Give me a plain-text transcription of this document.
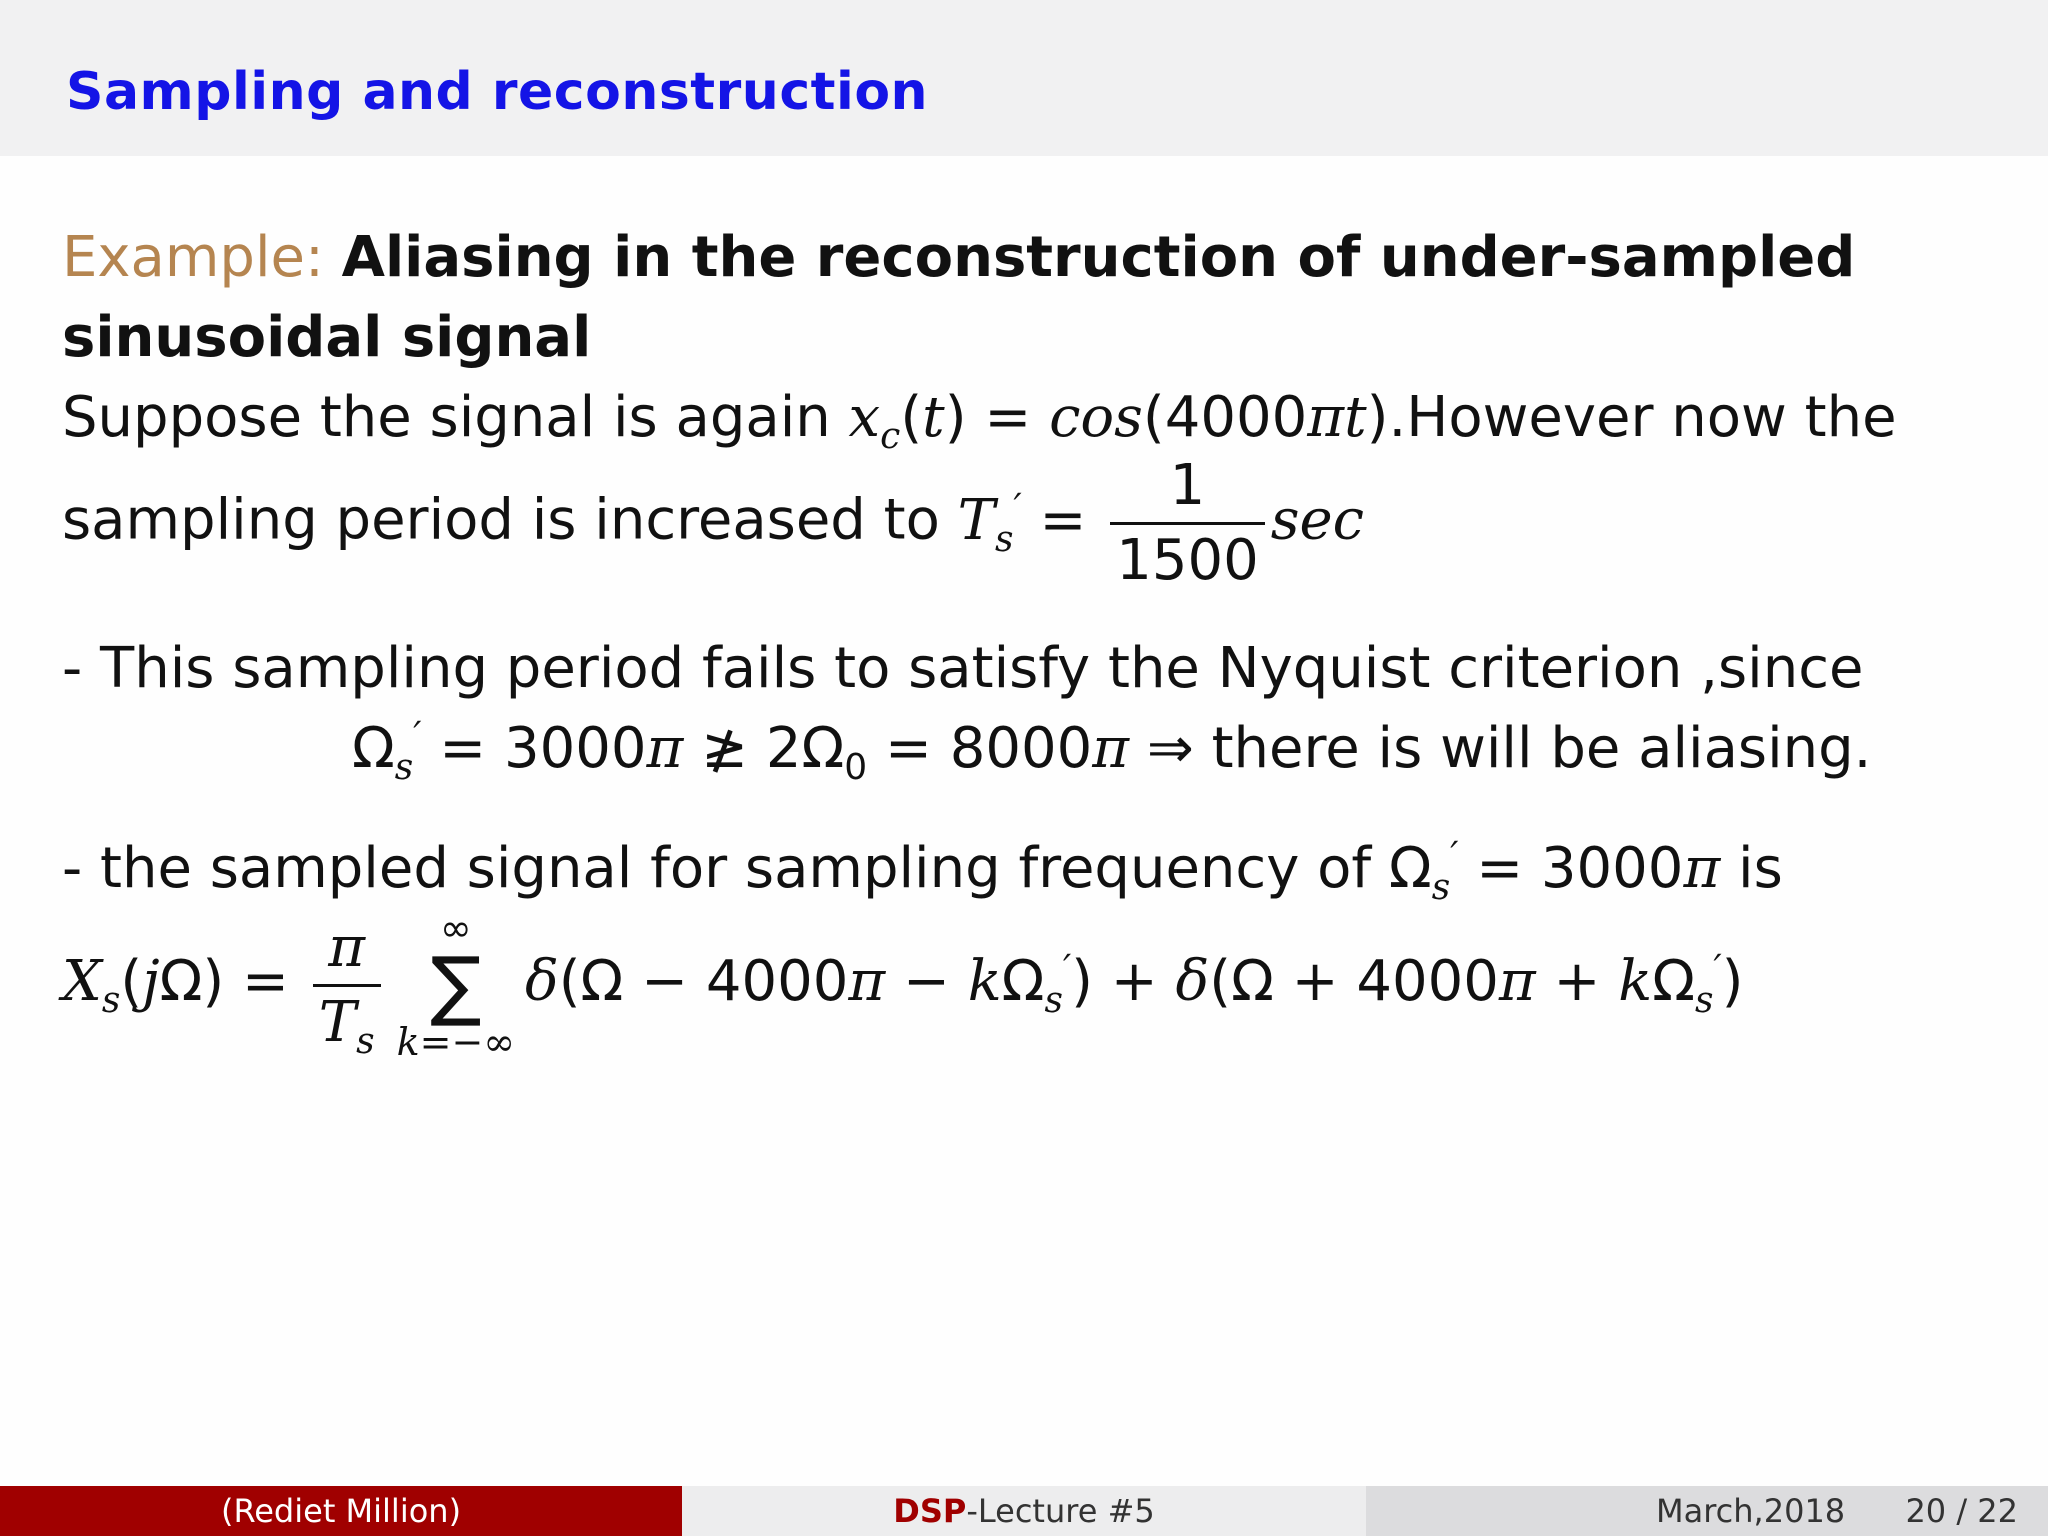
Sampling and reconstruction
Example: Aliasing in the reconstruction of under-sampled sinusoidal signal
Suppose the signal is again $x_c(t)$ = cos(4000πt).However now the
sampling period is increased to $T_s' = \frac{1}{1500}$ sec
- This sampling period fails to satisfy the Nyquist criterion ,since
$\Omega_s' = 3000\pi$ ≱ $2\Omega_0 = 8000\pi$ ⇒ there is will be aliasing.
- the sampled signal for sampling frequency of $\Omega_s' = 3000\pi$ is
$X_s(j\Omega) = \frac{\pi}{T_s}$	∞
∑
k=−∞
$\delta(\Omega - 4000\pi - k\Omega_s') + \delta(\Omega + 4000\pi + k\Omega_s')$
(Rediet Million)	DSP-Lecture #5	March,2018 20 / 22
